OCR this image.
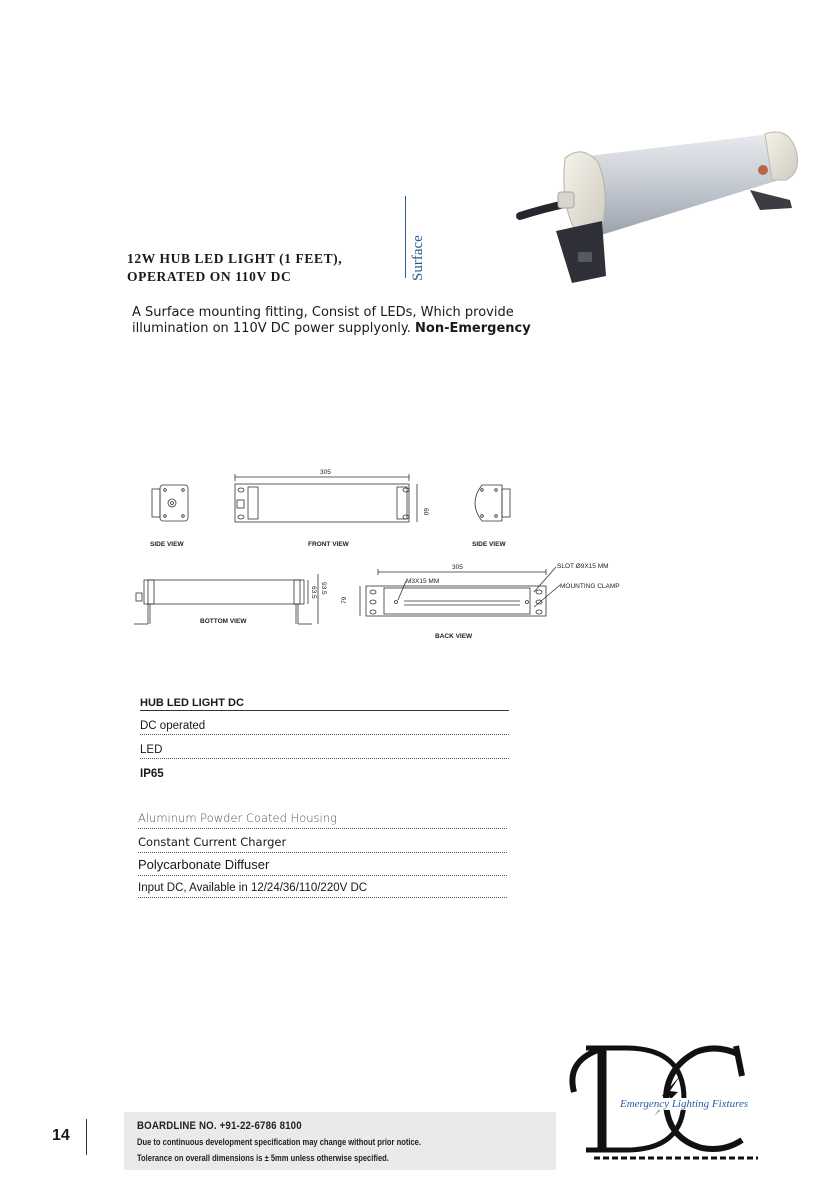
12W HUB LED LIGHT (1 FEET),
OPERATED ON 110V DC	Surface
A Surface mounting fitting, Consist of LEDs, Which provide illumination on 110V DC power supplyonly. Non-Emergency
SIDE VIEW	FRONT VIEW	SIDE VIEW
BOTTOM VIEW
BACK VIEW
SLOT Ø9X15 MM
MOUNTING CLAMP
M3X15 MM
305
60
305
63.5 93.5
79
HUB LED LIGHT DC
DC operated
LED
IP65
Aluminum Powder Coated Housing
Constant Current Charger
Polycarbonate Diffuser
Input DC, Available in 12/24/36/110/220V DC
14
BOARDLINE NO. +91-22-6786 8100
Due to continuous development specification may change without prior notice.
Tolerance on overall dimensions is ± 5mm unless otherwise specified.
Emergency Lighting Fixtures
